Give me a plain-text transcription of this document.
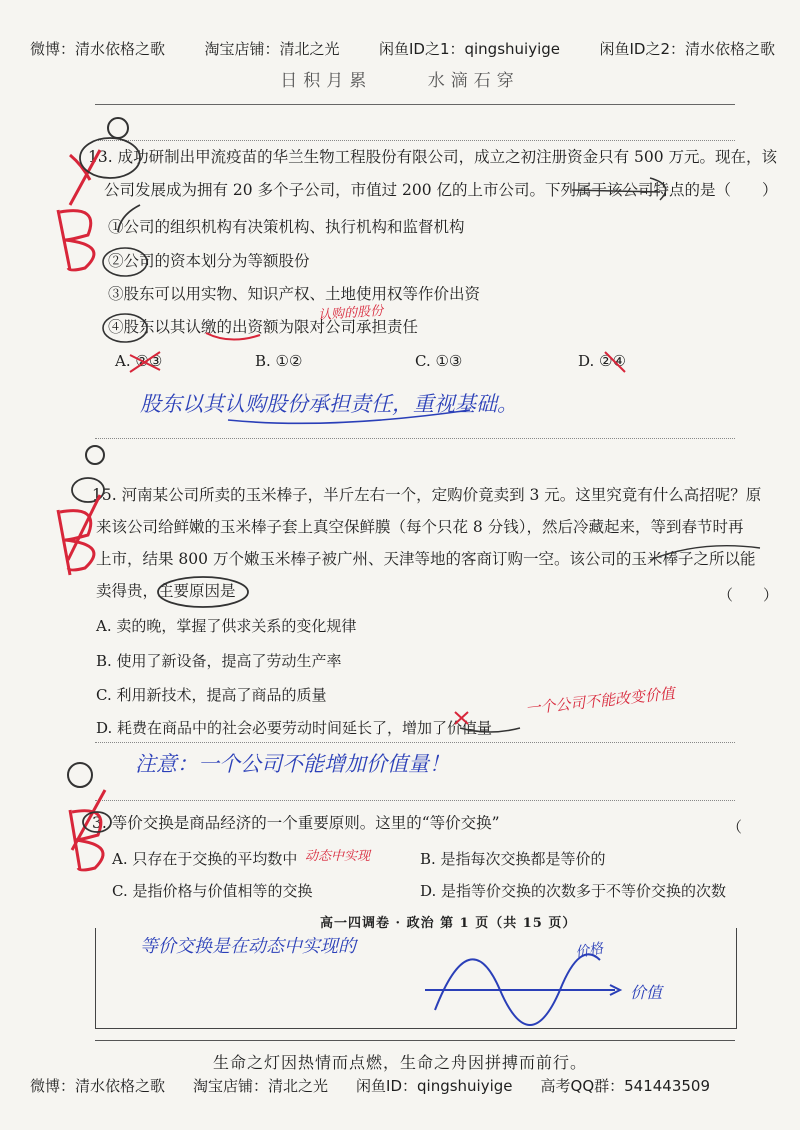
微博：清水依格之歌	淘宝店铺：清北之光	闲鱼ID之1：qingshuiyige	闲鱼ID之2：清水依格之歌
日积月累	水滴石穿
13. 成功研制出甲流疫苗的华兰生物工程股份有限公司，成立之初注册资金只有 500 万元。现在，该
公司发展成为拥有 20 多个子公司，市值过 200 亿的上市公司。下列属于该公司特点的是（　　）
①公司的组织机构有决策机构、执行机构和监督机构
②公司的资本划分为等额股份
③股东可以用实物、知识产权、土地使用权等作价出资
④股东以其认缴的出资额为限对公司承担责任
A. ②③	B. ①②	C. ①③	D. ②④
股东以其认购股份承担责任，重视基础。
认购的股份
15. 河南某公司所卖的玉米棒子，半斤左右一个，定购价竟卖到 3 元。这里究竟有什么高招呢？原
来该公司给鲜嫩的玉米棒子套上真空保鲜膜（每个只花 8 分钱），然后冷藏起来，等到春节时再
上市，结果 800 万个嫩玉米棒子被广州、天津等地的客商订购一空。该公司的玉米棒子之所以能
卖得贵，主要原因是	（　　）
A. 卖的晚，掌握了供求关系的变化规律
B. 使用了新设备，提高了劳动生产率
C. 利用新技术，提高了商品的质量
D. 耗费在商品中的社会必要劳动时间延长了，增加了价值量
一个公司不能改变价值
注意：一个公司不能增加价值量！
3. 等价交换是商品经济的一个重要原则。这里的“等价交换”	（
A. 只存在于交换的平均数中	B. 是指每次交换都是等价的
C. 是指价格与价值相等的交换	D. 是指等价交换的次数多于不等价交换的次数
动态中实现
高一四调卷 · 政治 第 1 页（共 15 页）
等价交换是在动态中实现的	价格
价值
生命之灯因热情而点燃，生命之舟因拼搏而前行。
微博：清水依格之歌 淘宝店铺：清北之光 闲鱼ID：qingshuiyige 高考QQ群：541443509
